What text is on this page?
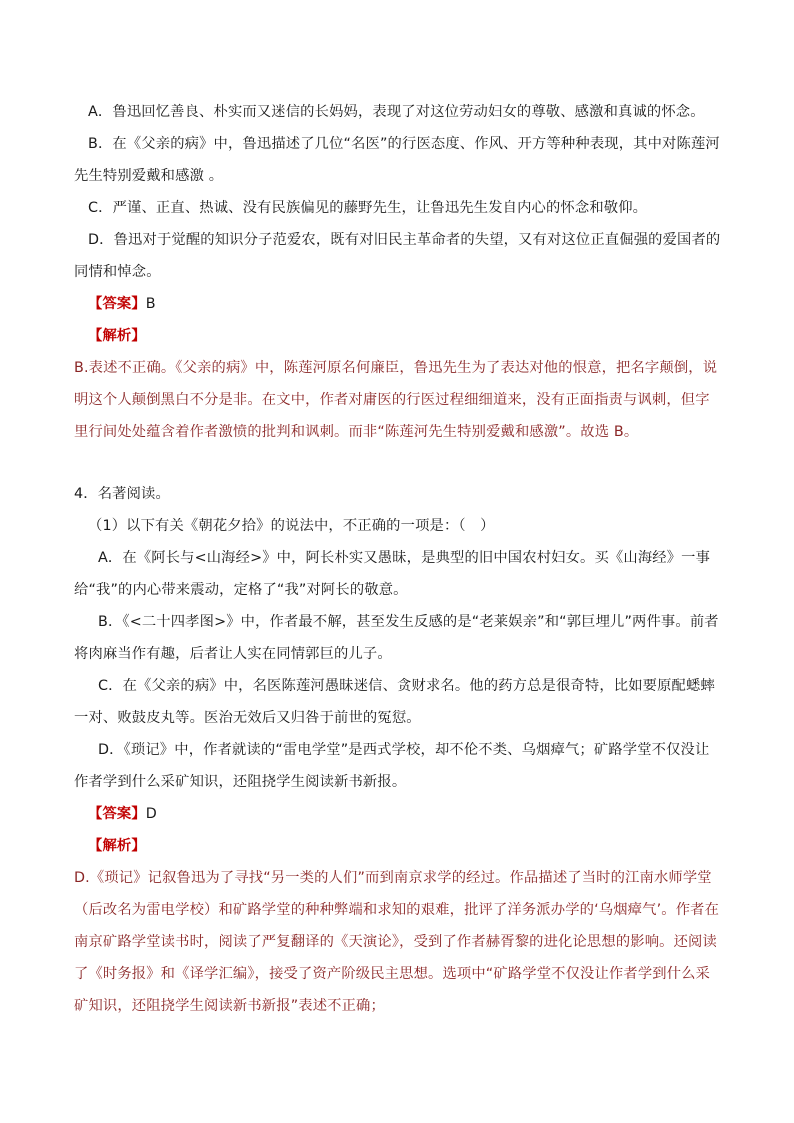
A．鲁迅回忆善良、朴实而又迷信的长妈妈，表现了对这位劳动妇女的尊敬、感激和真诚的怀念。

B．在《父亲的病》中，鲁迅描述了几位“名医”的行医态度、作风、开方等种种表现，其中对陈莲河先生特别爱戴和感激 。

C．严谨、正直、热诚、没有民族偏见的藤野先生，让鲁迅先生发自内心的怀念和敬仰。

D．鲁迅对于觉醒的知识分子范爱农，既有对旧民主革命者的失望，又有对这位正直倔强的爱国者的同情和悼念。

【答案】B

【解析】

B.表述不正确。《父亲的病》中，陈莲河原名何廉臣，鲁迅先生为了表达对他的恨意，把名字颠倒，说明这个人颠倒黑白不分是非。在文中，作者对庸医的行医过程细细道来，没有正面指责与讽刺，但字里行间处处蕴含着作者激愤的批判和讽刺。而非“陈莲河先生特别爱戴和感激”。故选 B。

4．名著阅读。

（1）以下有关《朝花夕拾》的说法中，不正确的一项是：（　）

A．在《阿长与<山海经>》中，阿长朴实又愚昧，是典型的旧中国农村妇女。买《山海经》一事给“我”的内心带来震动，定格了“我”对阿长的敬意。

B．《<二十四孝图>》中，作者最不解，甚至发生反感的是“老莱娱亲”和“郭巨埋儿”两件事。前者将肉麻当作有趣，后者让人实在同情郭巨的儿子。

C．在《父亲的病》中，名医陈莲河愚昧迷信、贪财求名。他的药方总是很奇特，比如要原配蟋蟀一对、败鼓皮丸等。医治无效后又归咎于前世的冤愆。

D．《琐记》中，作者就读的“雷电学堂”是西式学校，却不伦不类、乌烟瘴气；矿路学堂不仅没让作者学到什么采矿知识，还阻挠学生阅读新书新报。

【答案】D

【解析】

D.《琐记》记叙鲁迅为了寻找“另一类的人们”而到南京求学的经过。作品描述了当时的江南水师学堂（后改名为雷电学校）和矿路学堂的种种弊端和求知的艰难，批评了洋务派办学的‘乌烟瘴气’。作者在南京矿路学堂读书时，阅读了严复翻译的《天演论》，受到了作者赫胥黎的进化论思想的影响。还阅读了《时务报》和《译学汇编》，接受了资产阶级民主思想。选项中“矿路学堂不仅没让作者学到什么采矿知识，还阻挠学生阅读新书新报”表述不正确；
